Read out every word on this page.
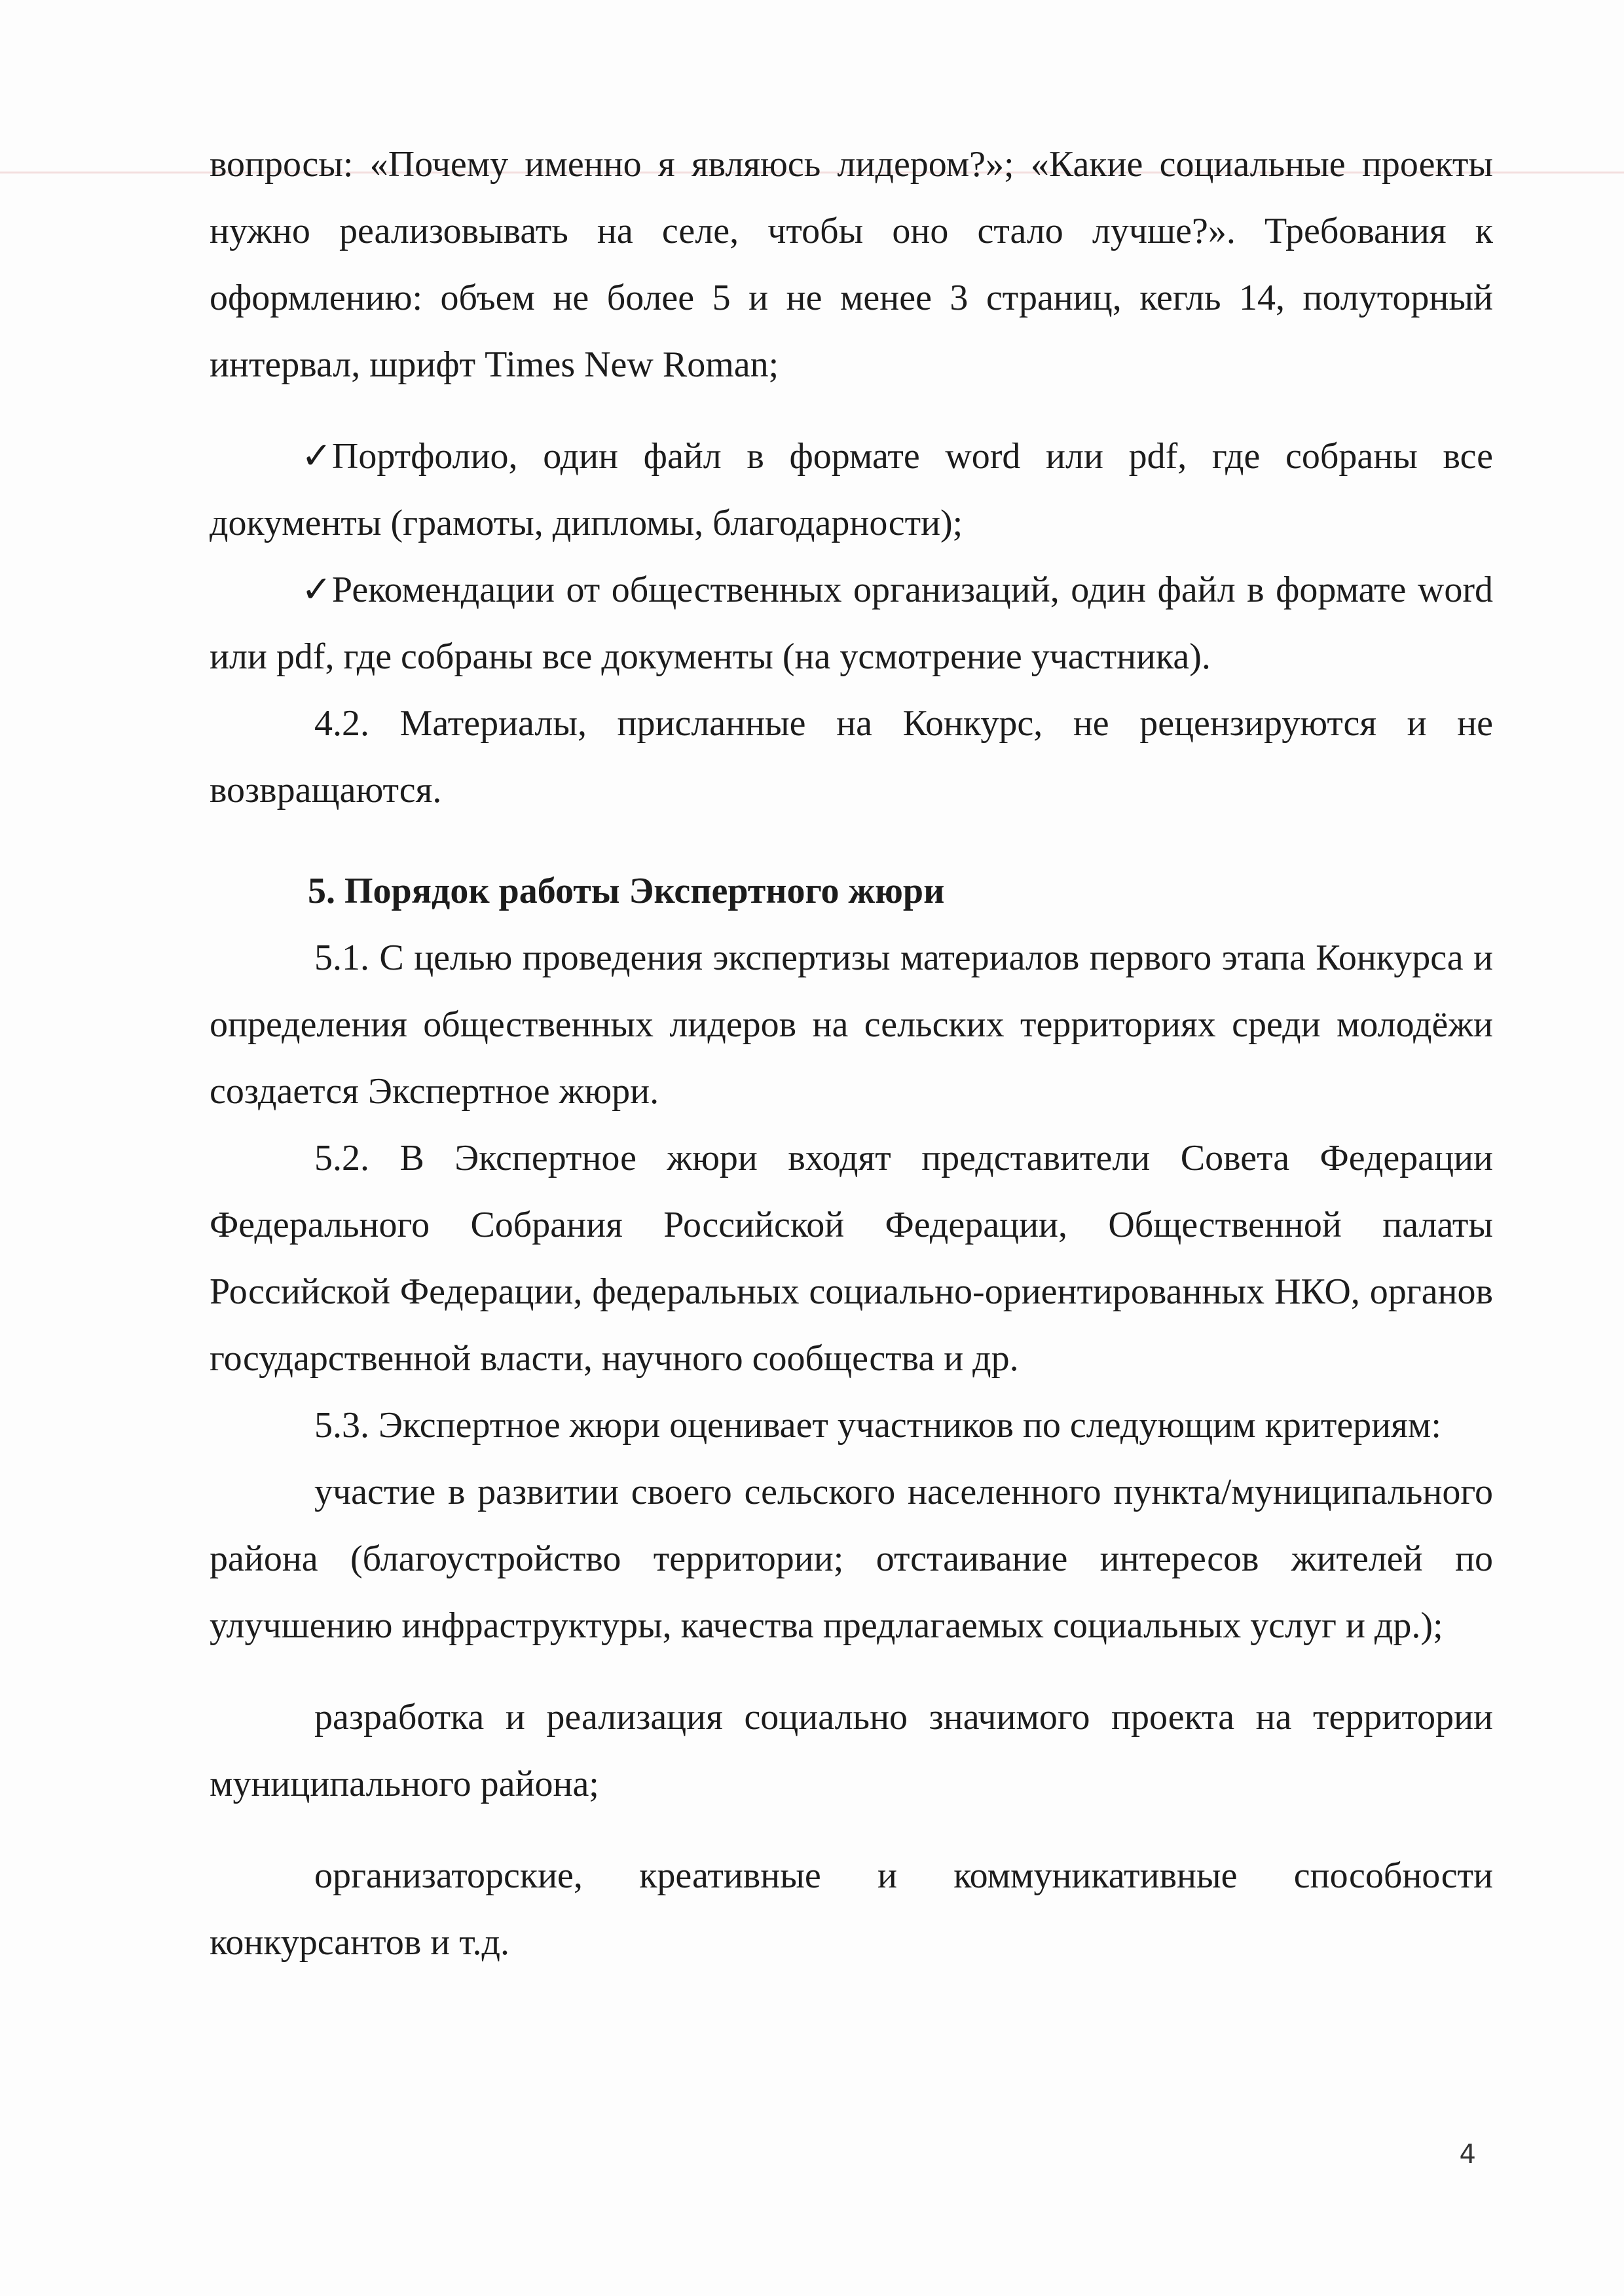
вопросы: «Почему именно я являюсь лидером?»; «Какие социальные проекты нужно реализовывать на селе, чтобы оно стало лучше?». Требования к оформлению: объем не более 5 и не менее 3 страниц, кегль 14, полуторный интервал, шрифт Times New Roman;

✓Портфолио, один файл в формате word или pdf, где собраны все документы (грамоты, дипломы, благодарности);

✓Рекомендации от общественных организаций, один файл в формате word или pdf, где собраны все документы (на усмотрение участника).

4.2. Материалы, присланные на Конкурс, не рецензируются и не возвращаются.

5. Порядок работы Экспертного жюри

5.1. С целью проведения экспертизы материалов первого этапа Конкурса и определения общественных лидеров на сельских территориях среди молодёжи создается Экспертное жюри.

5.2. В Экспертное жюри входят представители Совета Федерации Федерального Собрания Российской Федерации, Общественной палаты Российской Федерации, федеральных социально-ориентированных НКО, органов государственной власти, научного сообщества и др.

5.3. Экспертное жюри оценивает участников по следующим критериям:

участие в развитии своего сельского населенного пункта/муниципального района (благоустройство территории; отстаивание интересов жителей по улучшению инфраструктуры, качества предлагаемых социальных услуг и др.);

разработка и реализация социально значимого проекта на территории муниципального района;

организаторские, креативные и коммуникативные способности конкурсантов и т.д.

4
